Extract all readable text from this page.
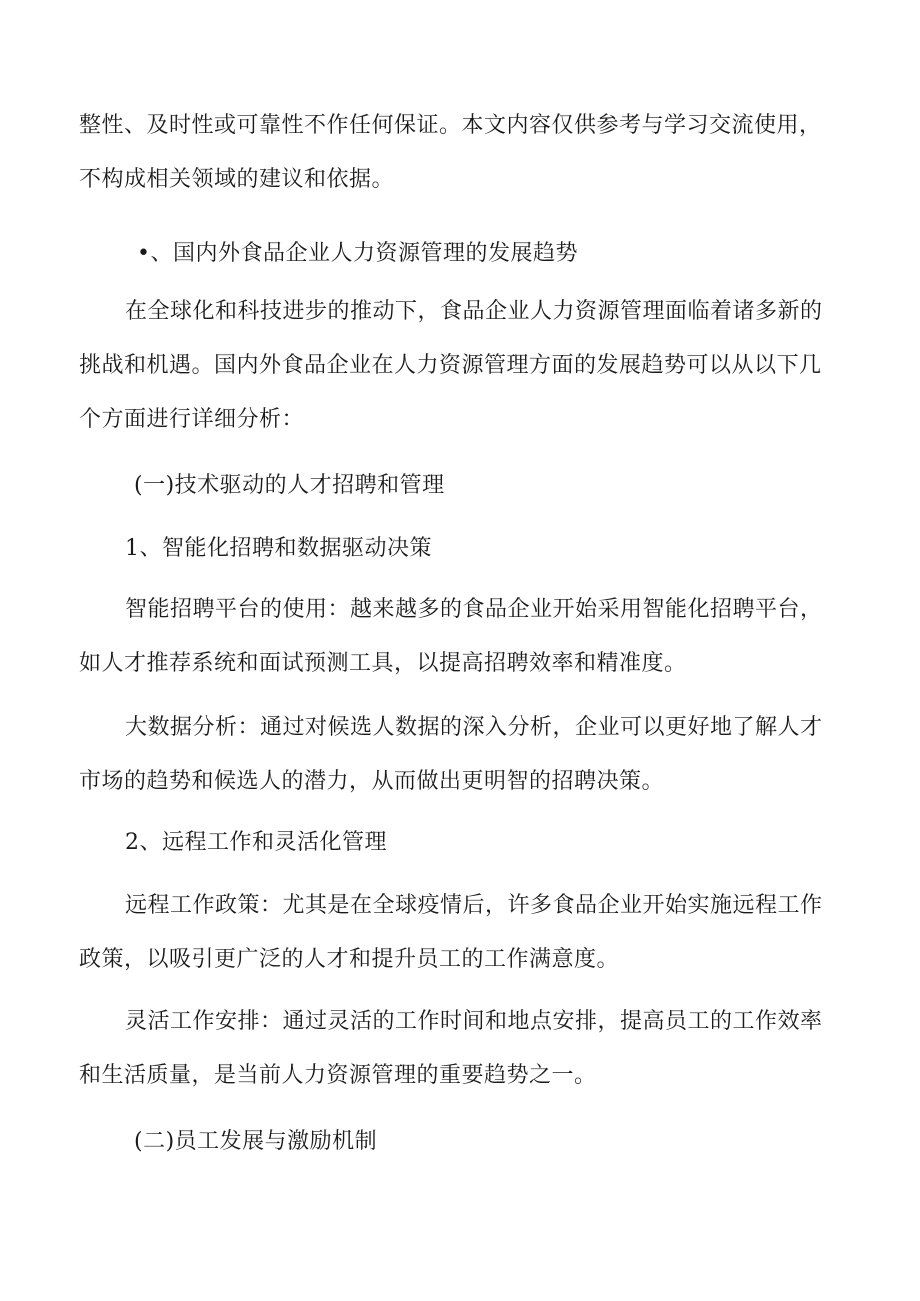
整性、及时性或可靠性不作任何保证。本文内容仅供参考与学习交流使用，

不构成相关领域的建议和依据。

•、国内外食品企业人力资源管理的发展趋势

在全球化和科技进步的推动下，食品企业人力资源管理面临着诸多新的

挑战和机遇。国内外食品企业在人力资源管理方面的发展趋势可以从以下几

个方面进行详细分析：

(一)技术驱动的人才招聘和管理

1、智能化招聘和数据驱动决策

智能招聘平台的使用：越来越多的食品企业开始采用智能化招聘平台，

如人才推荐系统和面试预测工具，以提高招聘效率和精准度。

大数据分析：通过对候选人数据的深入分析，企业可以更好地了解人才

市场的趋势和候选人的潜力，从而做出更明智的招聘决策。

2、远程工作和灵活化管理

远程工作政策：尤其是在全球疫情后，许多食品企业开始实施远程工作

政策，以吸引更广泛的人才和提升员工的工作满意度。

灵活工作安排：通过灵活的工作时间和地点安排，提高员工的工作效率

和生活质量，是当前人力资源管理的重要趋势之一。

(二)员工发展与激励机制
